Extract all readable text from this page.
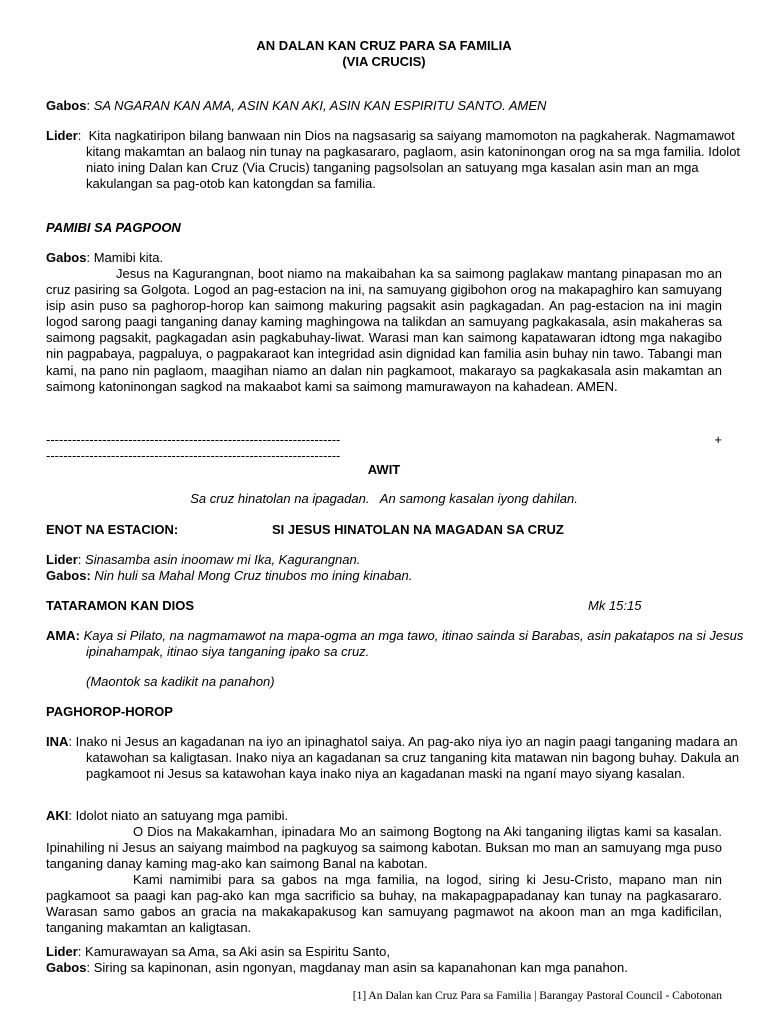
AN DALAN KAN CRUZ PARA SA FAMILIA
(VIA CRUCIS)

Gabos: SA NGARAN KAN AMA, ASIN KAN AKI, ASIN KAN ESPIRITU SANTO. AMEN

Lider:  Kita nagkatiripon bilang banwaan nin Dios na nagsasarig sa saiyang mamomoton na pagkaherak. Nagmamawot kitang makamtan an balaog nin tunay na pagkasararo, paglaom, asin katoninongan orog na sa mga familia. Idolot niato ining Dalan kan Cruz (Via Crucis) tanganing pagsolsolan an satuyang mga kasalan asin man an mga kakulangan sa pag-otob kan katongdan sa familia.

PAMIBI SA PAGPOON

Gabos: Mamibi kita.

Jesus na Kagurangnan, boot niamo na makaibahan ka sa saimong paglakaw mantang pinapasan mo an cruz pasiring sa Golgota. Logod an pag-estacion na ini, na samuyang gigibohon orog na makapaghiro kan samuyang isip asin puso sa paghorop-horop kan saimong makuring pagsakit asin pagkagadan. An pag-estacion na ini magin logod sarong paagi tanganing danay kaming maghingowa na talikdan an samuyang pagkakasala, asin makaheras sa saimong pagsakit, pagkagadan asin pagkabuhay-liwat. Warasi man kan saimong kapatawaran idtong mga nakagibo nin pagpabaya, pagpaluya, o pagpakaraot kan integridad asin dignidad kan familia asin buhay nin tawo. Tabangi man kami, na pano nin paglaom, maagihan niamo an dalan nin pagkamoot, makarayo sa pagkakasala asin makamtan an saimong katoninongan sagkod na makaabot kami sa saimong mamurawayon na kahadean. AMEN.

--------------------------------------------------------------------	+
--------------------------------------------------------------------
AWIT
Sa cruz hinatolan na ipagadan.   An samong kasalan iyong dahilan.
ENOT NA ESTACION:	SI JESUS HINATOLAN NA MAGADAN SA CRUZ
Lider: Sinasamba asin inoomaw mi Ika, Kagurangnan.
Gabos: Nin huli sa Mahal Mong Cruz tinubos mo ining kinaban.
TATARAMON KAN DIOS	Mk 15:15

AMA: Kaya si Pilato, na nagmamawot na mapa-ogma an mga tawo, itinao sainda si Barabas, asin pakatapos na si Jesus ipinahampak, itinao siya tanganing ipako sa cruz.

(Maontok sa kadikit na panahon)
PAGHOROP-HOROP

INA: Inako ni Jesus an kagadanan na iyo an ipinaghatol saiya. An pag-ako niya iyo an nagin paagi tanganing madara an katawohan sa kaligtasan. Inako niya an kagadanan sa cruz tanganing kita matawan nin bagong buhay. Dakula an pagkamoot ni Jesus sa katawohan kaya inako niya an kagadanan maski na nganí mayo siyang kasalan.

AKI: Idolot niato an satuyang mga pamibi.

O Dios na Makakamhan, ipinadara Mo an saimong Bogtong na Aki tanganing iligtas kami sa kasalan. Ipinahiling ni Jesus an saiyang maimbod na pagkuyog sa saimong kabotan. Buksan mo man an samuyang mga puso tanganing danay kaming mag-ako kan saimong Banal na kabotan.

Kami namimibi para sa gabos na mga familia, na logod, siring ki Jesu-Cristo, mapano man nin pagkamoot sa paagi kan pag-ako kan mga sacrificio sa buhay, na makapagpapadanay kan tunay na pagkasararo. Warasan samo gabos an gracia na makakapakusog kan samuyang pagmawot na akoon man an mga kadificilan, tanganing makamtan an kaligtasan.

Lider: Kamurawayan sa Ama, sa Aki asin sa Espiritu Santo,
Gabos: Siring sa kapinonan, asin ngonyan, magdanay man asin sa kapanahonan kan mga panahon.
[1] An Dalan kan Cruz Para sa Familia | Barangay Pastoral Council - Cabotonan
